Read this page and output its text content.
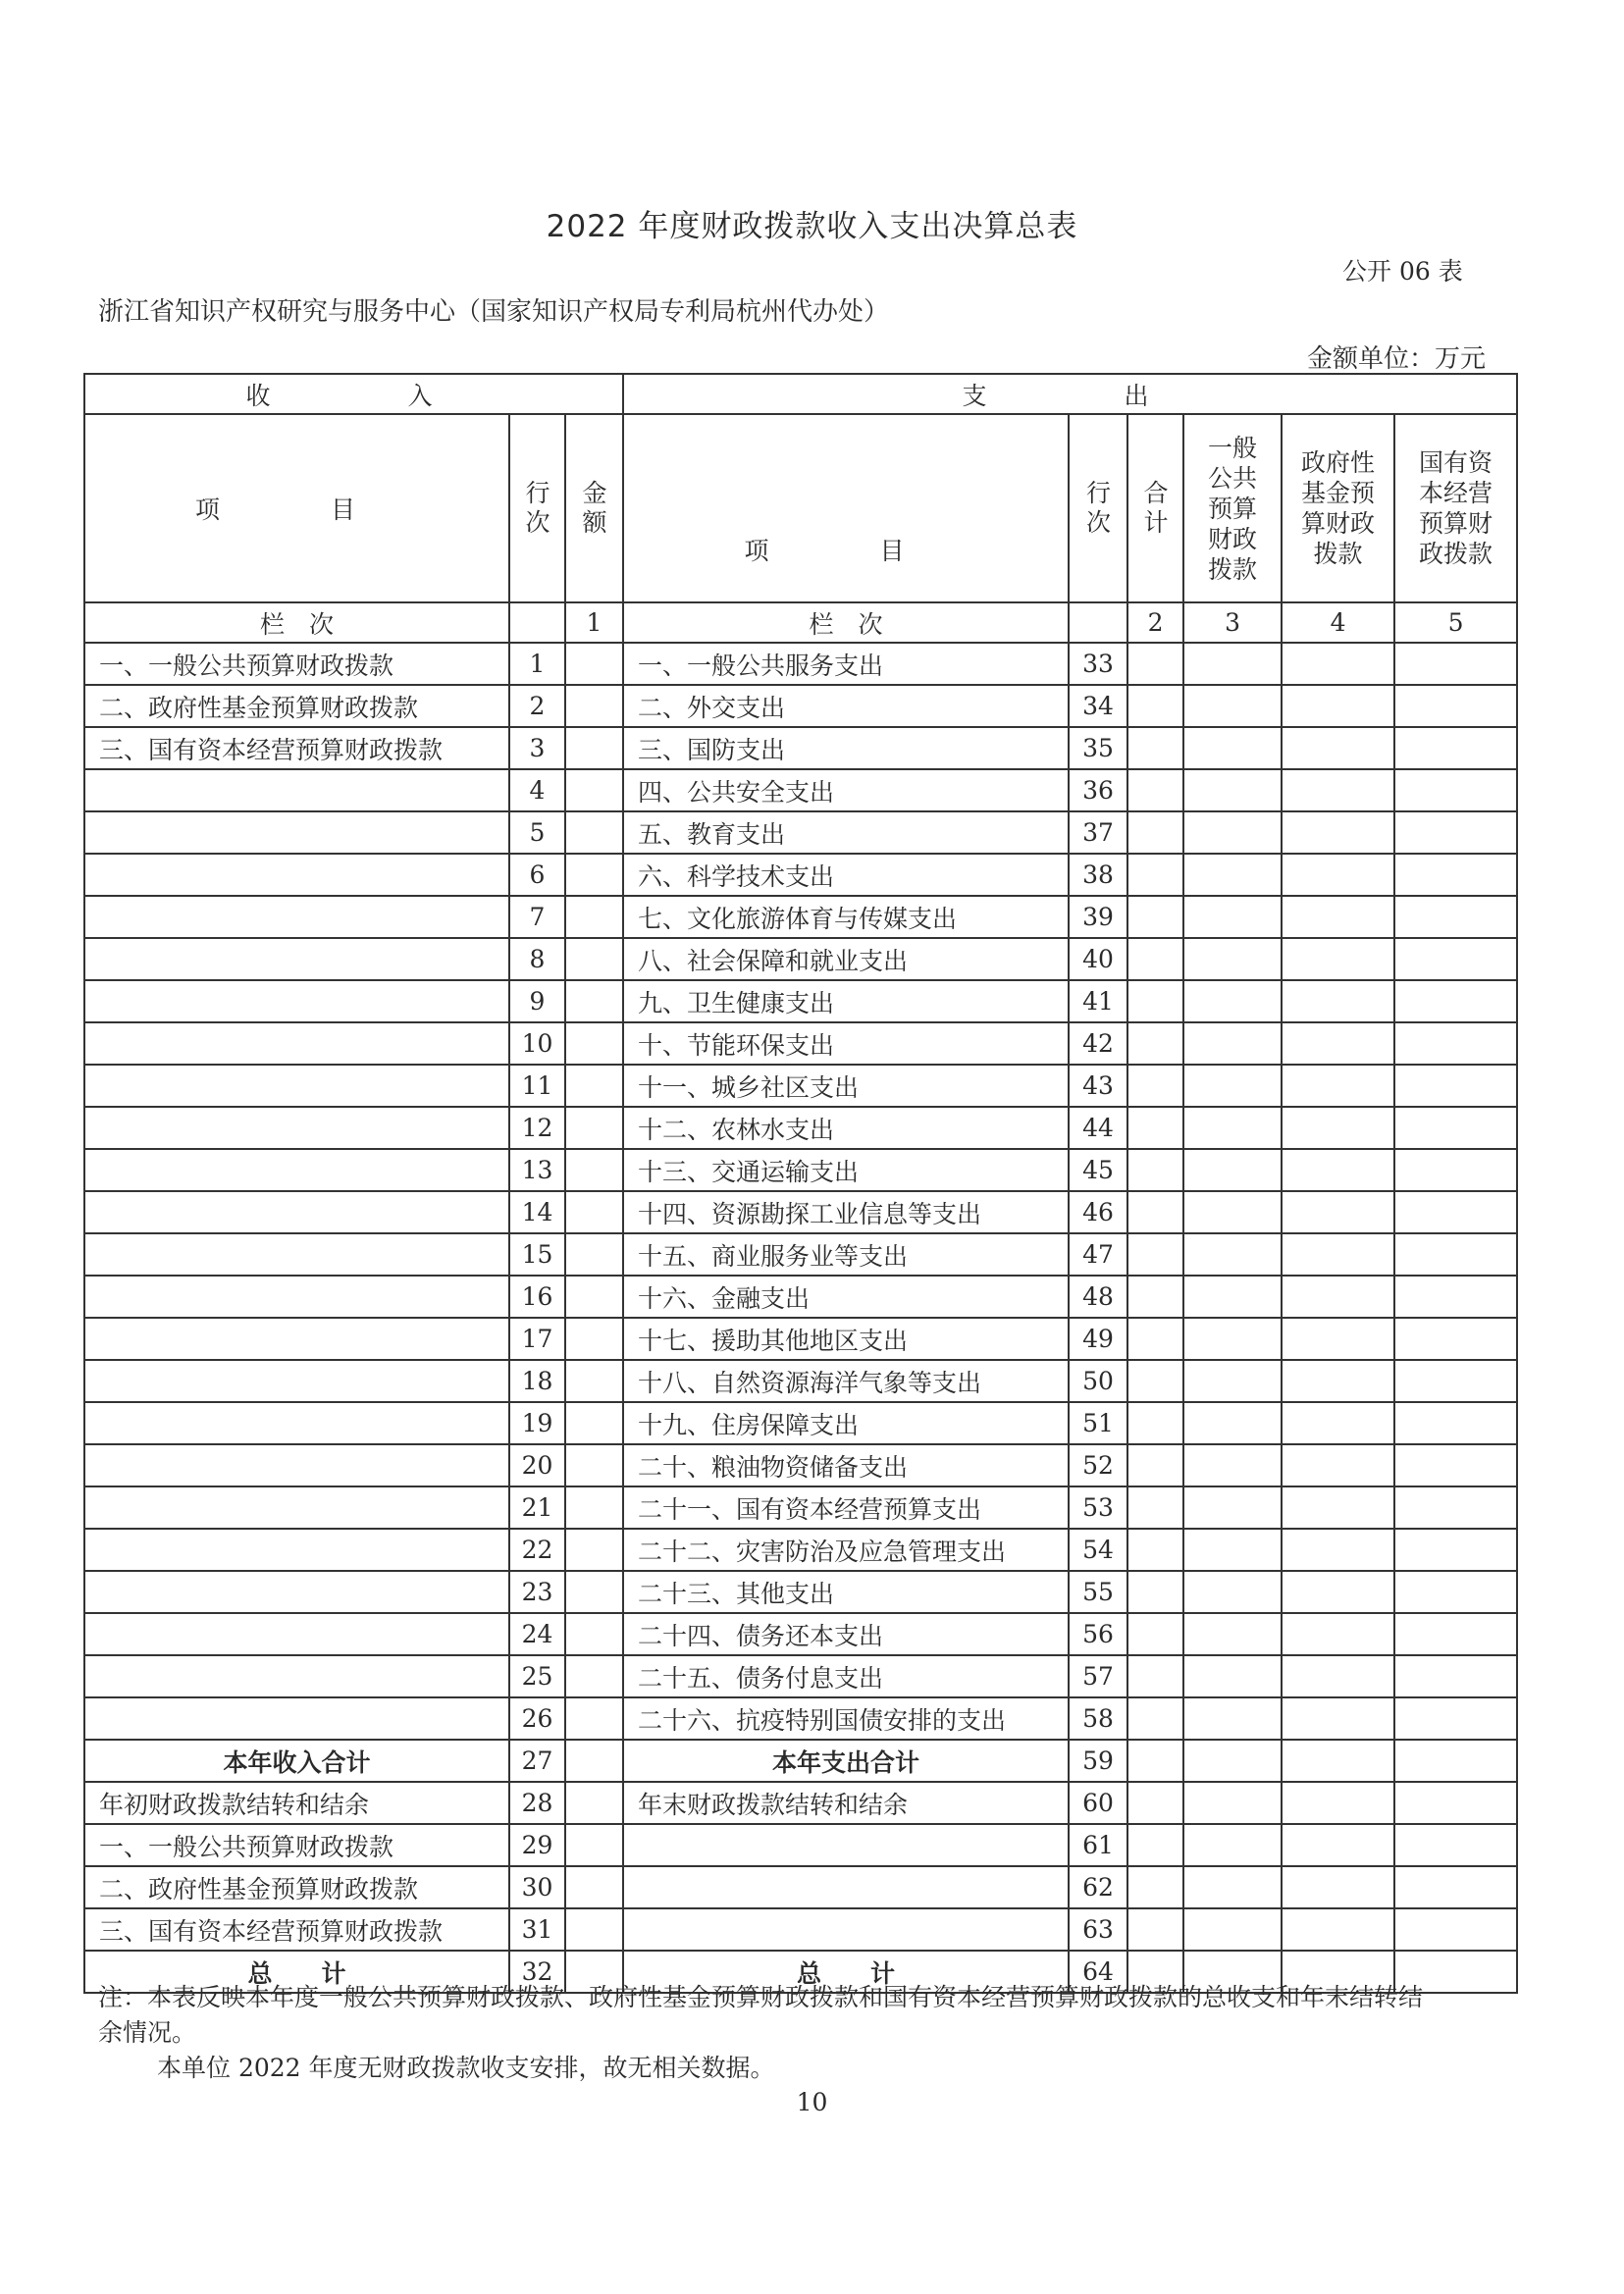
2022 年度财政拨款收入支出决算总表
公开 06 表
浙江省知识产权研究与服务中心（国家知识产权局专利局杭州代办处）
金额单位：万元
收　　入			支　　出					
项　目	行次	金额	项　目	行次	合计	一般公共预算财政拨款	政府性基金预算财政拨款	国有资本经营预算财政拨款
栏　次		1	栏　次		2	3	4	5
一、一般公共预算财政拨款	1		一、一般公共服务支出	33				
二、政府性基金预算财政拨款	2		二、外交支出	34				
三、国有资本经营预算财政拨款	3		三、国防支出	35				
	4		四、公共安全支出	36				
	5		五、教育支出	37				
	6		六、科学技术支出	38				
	7		七、文化旅游体育与传媒支出	39				
	8		八、社会保障和就业支出	40				
	9		九、卫生健康支出	41				
	10		十、节能环保支出	42				
	11		十一、城乡社区支出	43				
	12		十二、农林水支出	44				
	13		十三、交通运输支出	45				
	14		十四、资源勘探工业信息等支出	46				
	15		十五、商业服务业等支出	47				
	16		十六、金融支出	48				
	17		十七、援助其他地区支出	49				
	18		十八、自然资源海洋气象等支出	50				
	19		十九、住房保障支出	51				
	20		二十、粮油物资储备支出	52				
	21		二十一、国有资本经营预算支出	53				
	22		二十二、灾害防治及应急管理支出	54				
	23		二十三、其他支出	55				
	24		二十四、债务还本支出	56				
	25		二十五、债务付息支出	57				
	26		二十六、抗疫特别国债安排的支出	58				
本年收入合计	27		本年支出合计	59				
年初财政拨款结转和结余	28		年末财政拨款结转和结余	60				
一、一般公共预算财政拨款	29			61				
二、政府性基金预算财政拨款	30			62				
三、国有资本经营预算财政拨款	31			63				
总　　计	32		总　　计	64				
注：本表反映本年度一般公共预算财政拨款、政府性基金预算财政拨款和国有资本经营预算财政拨款的总收支和年末结转结余情况。
本单位 2022 年度无财政拨款收支安排，故无相关数据。
10
